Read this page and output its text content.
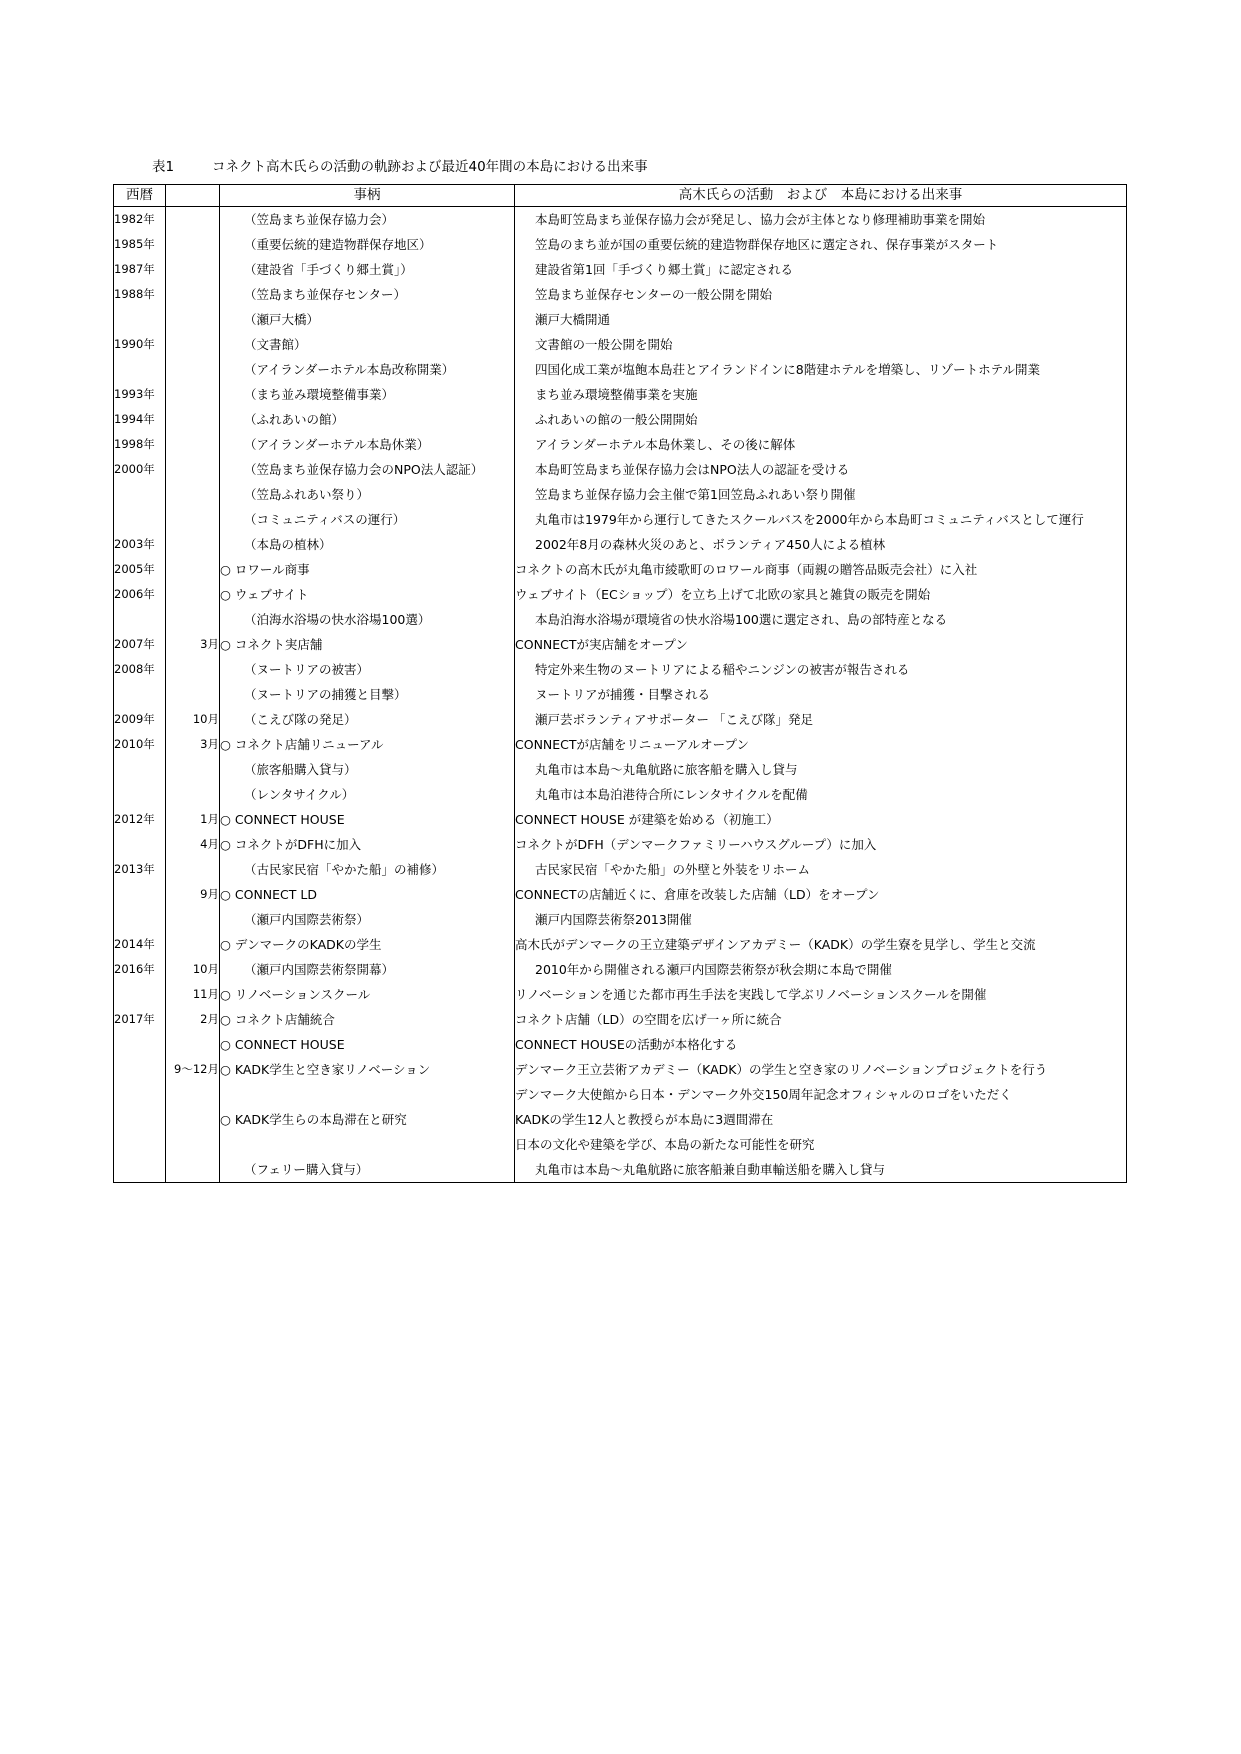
表1	コネクト高木氏らの活動の軌跡および最近40年間の本島における出来事
西暦		事柄	高木氏らの活動　および　本島における出来事
1982年		（笠島まち並保存協力会）	本島町笠島まち並保存協力会が発足し、協力会が主体となり修理補助事業を開始
1985年		（重要伝統的建造物群保存地区）	笠島のまち並が国の重要伝統的建造物群保存地区に選定され、保存事業がスタート
1987年		（建設省「手づくり郷土賞」）	建設省第1回「手づくり郷土賞」に認定される
1988年		（笠島まち並保存センター）	笠島まち並保存センターの一般公開を開始
		（瀬戸大橋）	瀬戸大橋開通
1990年		（文書館）	文書館の一般公開を開始
		（アイランダーホテル本島改称開業）	四国化成工業が塩飽本島荘とアイランドインに8階建ホテルを増築し、リゾートホテル開業
1993年		（まち並み環境整備事業）	まち並み環境整備事業を実施
1994年		（ふれあいの館）	ふれあいの館の一般公開開始
1998年		（アイランダーホテル本島休業）	アイランダーホテル本島休業し、その後に解体
2000年		（笠島まち並保存協力会のNPO法人認証）	本島町笠島まち並保存協力会はNPO法人の認証を受ける
		（笠島ふれあい祭り）	笠島まち並保存協力会主催で第1回笠島ふれあい祭り開催
		（コミュニティバスの運行）	丸亀市は1979年から運行してきたスクールバスを2000年から本島町コミュニティバスとして運行
2003年		（本島の植林）	2002年8月の森林火災のあと、ボランティア450人による植林
2005年		○ ロワール商事	コネクトの高木氏が丸亀市綾歌町のロワール商事（両親の贈答品販売会社）に入社
2006年		○ ウェブサイト	ウェブサイト（ECショップ）を立ち上げて北欧の家具と雑貨の販売を開始
		（泊海水浴場の快水浴場100選）	本島泊海水浴場が環境省の快水浴場100選に選定され、島の部特産となる
2007年	3月	○ コネクト実店舗	CONNECTが実店舗をオープン
2008年		（ヌートリアの被害）	特定外来生物のヌートリアによる稲やニンジンの被害が報告される
		（ヌートリアの捕獲と目撃）	ヌートリアが捕獲・目撃される
2009年	10月	（こえび隊の発足）	瀬戸芸ボランティアサポーター 「こえび隊」発足
2010年	3月	○ コネクト店舗リニューアル	CONNECTが店舗をリニューアルオープン
		（旅客船購入貸与）	丸亀市は本島～丸亀航路に旅客船を購入し貸与
		（レンタサイクル）	丸亀市は本島泊港待合所にレンタサイクルを配備
2012年	1月	○ CONNECT HOUSE	CONNECT HOUSE が建築を始める（初施工）
	4月	○ コネクトがDFHに加入	コネクトがDFH（デンマークファミリーハウスグループ）に加入
2013年		（古民家民宿「やかた船」の補修）	古民家民宿「やかた船」の外壁と外装をリホーム
	9月	○ CONNECT LD	CONNECTの店舗近くに、倉庫を改装した店舗（LD）をオープン
		（瀬戸内国際芸術祭）	瀬戸内国際芸術祭2013開催
2014年		○ デンマークのKADKの学生	高木氏がデンマークの王立建築デザインアカデミー（KADK）の学生寮を見学し、学生と交流
2016年	10月	（瀬戸内国際芸術祭開幕）	2010年から開催される瀬戸内国際芸術祭が秋会期に本島で開催
	11月	○ リノベーションスクール	リノベーションを通じた都市再生手法を実践して学ぶリノベーションスクールを開催
2017年	2月	○ コネクト店舗統合	コネクト店舗（LD）の空間を広げ一ヶ所に統合
		○ CONNECT HOUSE	CONNECT HOUSEの活動が本格化する
	9～12月	○ KADK学生と空き家リノベーション	デンマーク王立芸術アカデミー（KADK）の学生と空き家のリノベーションプロジェクトを行う
			デンマーク大使館から日本・デンマーク外交150周年記念オフィシャルのロゴをいただく
		○ KADK学生らの本島滞在と研究	KADKの学生12人と教授らが本島に3週間滞在
			日本の文化や建築を学び、本島の新たな可能性を研究
		（フェリー購入貸与）	丸亀市は本島～丸亀航路に旅客船兼自動車輸送船を購入し貸与
